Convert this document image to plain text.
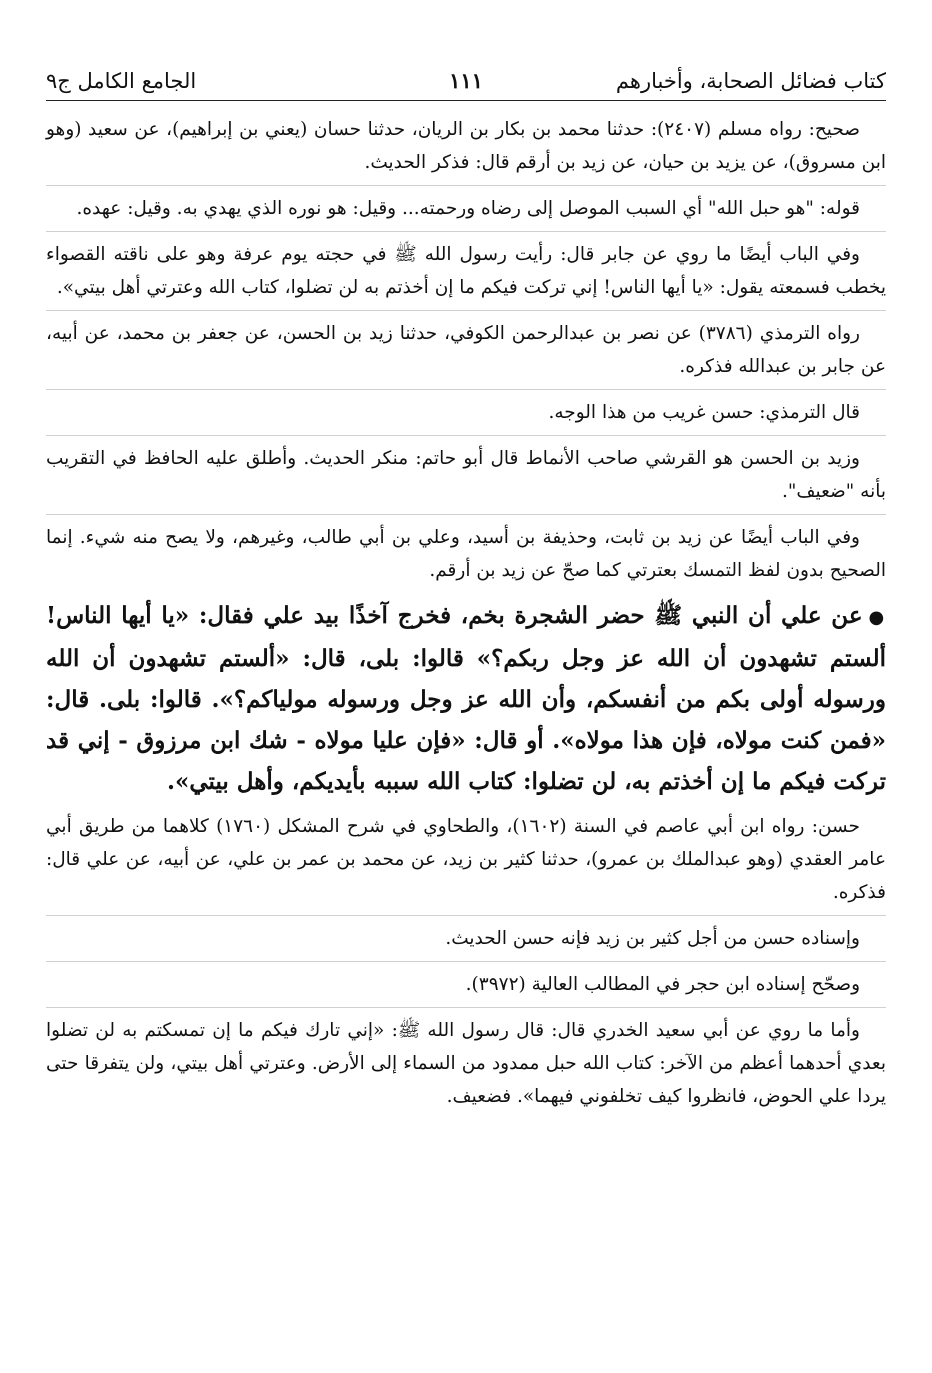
كتاب فضائل الصحابة، وأخبارهم
١١١
الجامع الكامل ج٩

صحيح: رواه مسلم (٢٤٠٧): حدثنا محمد بن بكار بن الريان، حدثنا حسان (يعني بن إبراهيم)، عن سعيد (وهو ابن مسروق)، عن يزيد بن حيان، عن زيد بن أرقم قال: فذكر الحديث.

قوله: "هو حبل الله" أي السبب الموصل إلى رضاه ورحمته... وقيل: هو نوره الذي يهدي به. وقيل: عهده.

وفي الباب أيضًا ما روي عن جابر قال: رأيت رسول الله ﷺ في حجته يوم عرفة وهو على ناقته القصواء يخطب فسمعته يقول: «يا أيها الناس! إني تركت فيكم ما إن أخذتم به لن تضلوا، كتاب الله وعترتي أهل بيتي».

رواه الترمذي (٣٧٨٦) عن نصر بن عبدالرحمن الكوفي، حدثنا زيد بن الحسن، عن جعفر بن محمد، عن أبيه، عن جابر بن عبدالله فذكره.

قال الترمذي: حسن غريب من هذا الوجه.

وزيد بن الحسن هو القرشي صاحب الأنماط قال أبو حاتم: منكر الحديث. وأطلق عليه الحافظ في التقريب بأنه "ضعيف".

وفي الباب أيضًا عن زيد بن ثابت، وحذيفة بن أسيد، وعلي بن أبي طالب، وغيرهم، ولا يصح منه شيء. إنما الصحيح بدون لفظ التمسك بعترتي كما صحّ عن زيد بن أرقم.

●عن علي أن النبي ﷺ حضر الشجرة بخم، فخرج آخذًا بيد علي فقال: «يا أيها الناس! ألستم تشهدون أن الله عز وجل ربكم؟» قالوا: بلى، قال: «ألستم تشهدون أن الله ورسوله أولى بكم من أنفسكم، وأن الله عز وجل ورسوله مولياكم؟». قالوا: بلى. قال: «فمن كنت مولاه، فإن هذا مولاه». أو قال: «فإن عليا مولاه - شك ابن مرزوق - إني قد تركت فيكم ما إن أخذتم به، لن تضلوا: كتاب الله سببه بأيديكم، وأهل بيتي».

حسن: رواه ابن أبي عاصم في السنة (١٦٠٢)، والطحاوي في شرح المشكل (١٧٦٠) كلاهما من طريق أبي عامر العقدي (وهو عبدالملك بن عمرو)، حدثنا كثير بن زيد، عن محمد بن عمر بن علي، عن أبيه، عن علي قال: فذكره.

وإسناده حسن من أجل كثير بن زيد فإنه حسن الحديث.

وصحّح إسناده ابن حجر في المطالب العالية (٣٩٧٢).

وأما ما روي عن أبي سعيد الخدري قال: قال رسول الله ﷺ: «إني تارك فيكم ما إن تمسكتم به لن تضلوا بعدي أحدهما أعظم من الآخر: كتاب الله حبل ممدود من السماء إلى الأرض. وعترتي أهل بيتي، ولن يتفرقا حتى يردا علي الحوض، فانظروا كيف تخلفوني فيهما». فضعيف.
